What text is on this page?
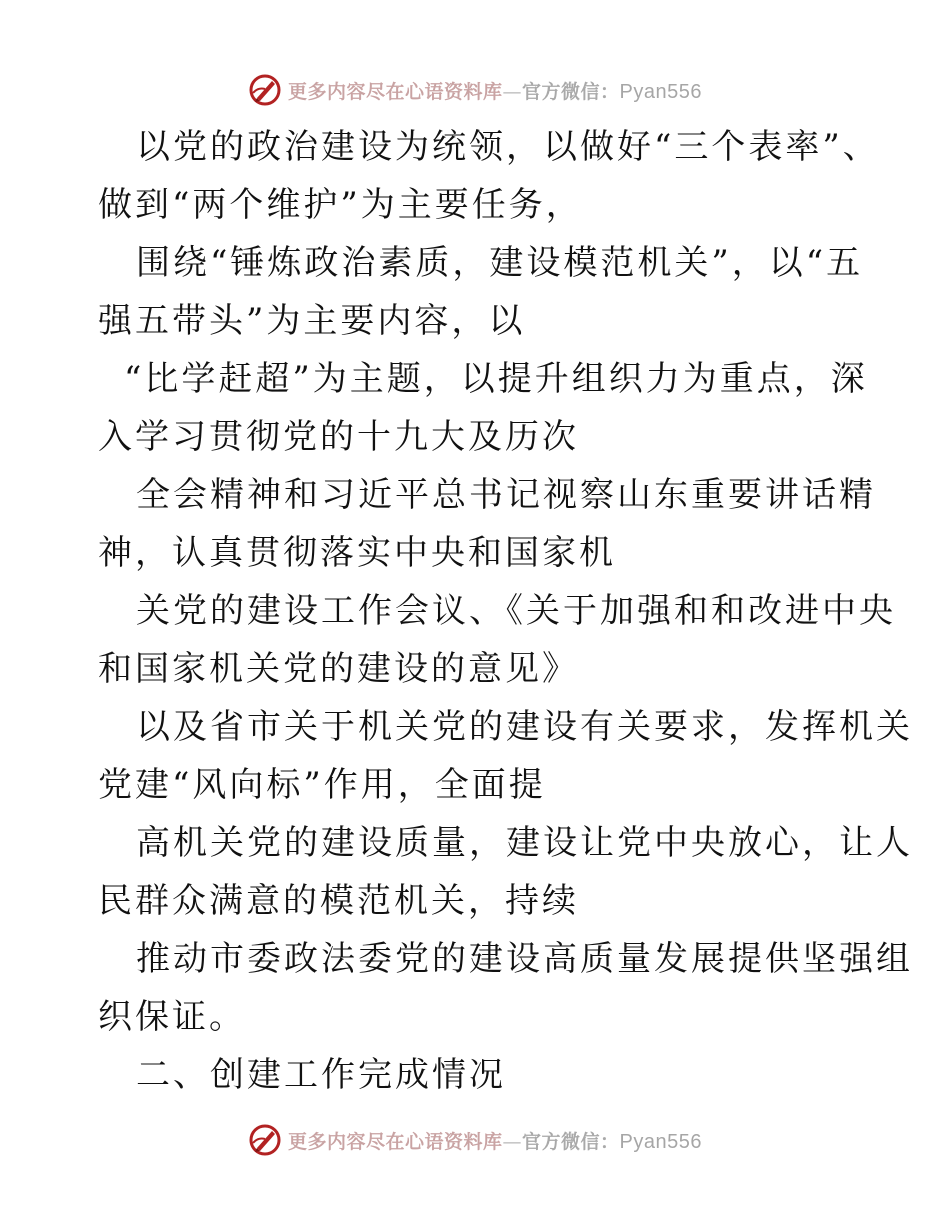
更多内容尽在心语资料库—官方微信：Pyan556
以党的政治建设为统领，以做好“三个表率”、
做到“两个维护”为主要任务，
围绕“锤炼政治素质，建设模范机关”，以“五
强五带头”为主要内容，以
“比学赶超”为主题，以提升组织力为重点，深
入学习贯彻党的十九大及历次
全会精神和习近平总书记视察山东重要讲话精
神，认真贯彻落实中央和国家机
关党的建设工作会议、《关于加强和和改进中央
和国家机关党的建设的意见》
以及省市关于机关党的建设有关要求，发挥机关
党建“风向标”作用，全面提
高机关党的建设质量，建设让党中央放心，让人
民群众满意的模范机关，持续
推动市委政法委党的建设高质量发展提供坚强组
织保证。
二、创建工作完成情况
更多内容尽在心语资料库—官方微信：Pyan556
